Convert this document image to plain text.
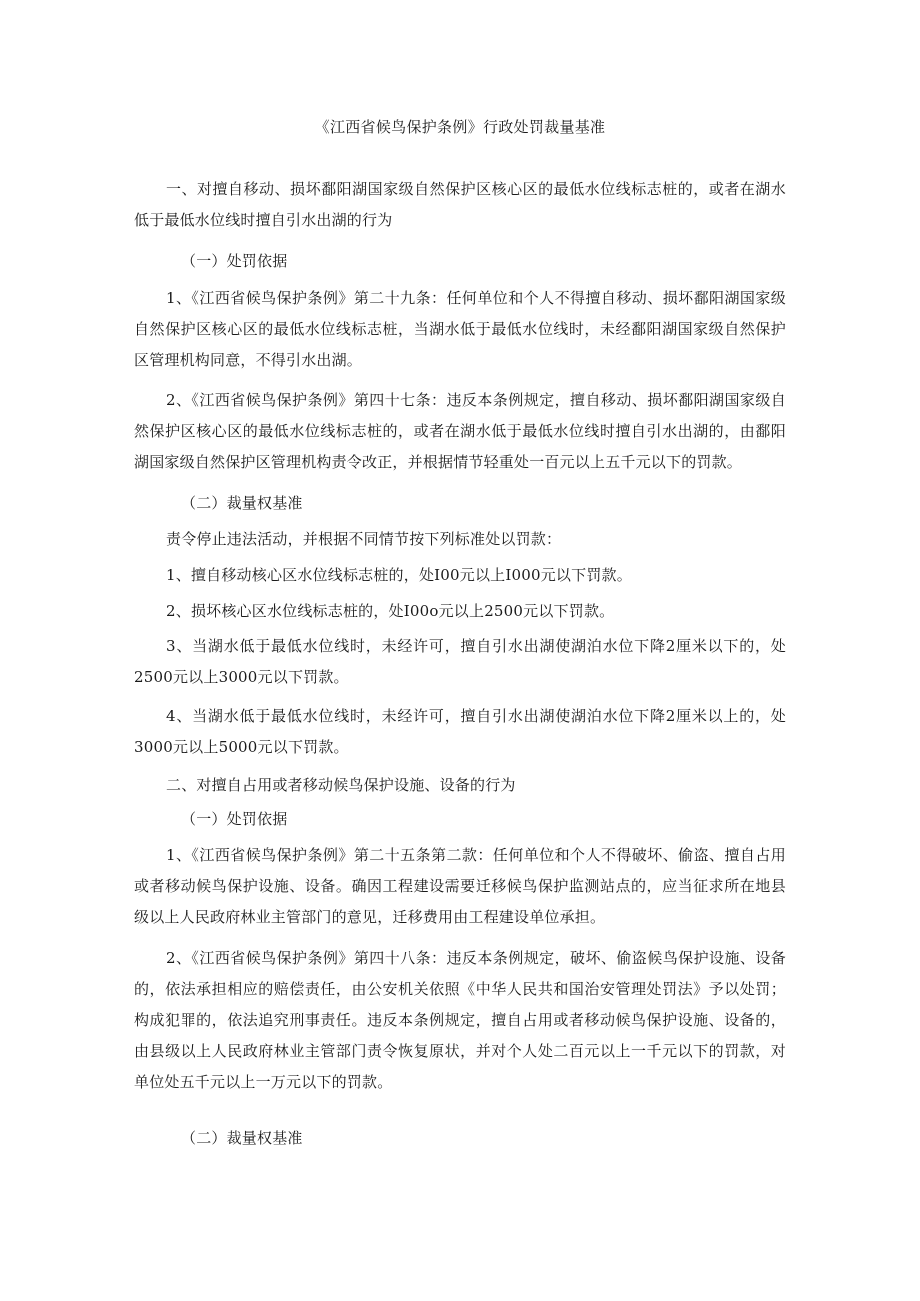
《江西省候鸟保护条例》行政处罚裁量基准
一、对擅自移动、损坏鄱阳湖国家级自然保护区核心区的最低水位线标志桩的，或者在湖水低于最低水位线时擅自引水出湖的行为
（一）处罚依据
1、《江西省候鸟保护条例》第二十九条：任何单位和个人不得擅自移动、损坏鄱阳湖国家级自然保护区核心区的最低水位线标志桩，当湖水低于最低水位线时，未经鄱阳湖国家级自然保护区管理机构同意，不得引水出湖。
2、《江西省候鸟保护条例》第四十七条：违反本条例规定，擅自移动、损坏鄱阳湖国家级自然保护区核心区的最低水位线标志桩的，或者在湖水低于最低水位线时擅自引水出湖的，由鄱阳湖国家级自然保护区管理机构责令改正，并根据情节轻重处一百元以上五千元以下的罚款。
（二）裁量权基准
责令停止违法活动，并根据不同情节按下列标准处以罚款：
1、擅自移动核心区水位线标志桩的，处I00元以上I000元以下罚款。
2、损坏核心区水位线标志桩的，处I00o元以上2500元以下罚款。
3、当湖水低于最低水位线时，未经许可，擅自引水出湖使湖泊水位下降2厘米以下的，处2500元以上3000元以下罚款。
4、当湖水低于最低水位线时，未经许可，擅自引水出湖使湖泊水位下降2厘米以上的，处3000元以上5000元以下罚款。
二、对擅自占用或者移动候鸟保护设施、设备的行为
（一）处罚依据
1、《江西省候鸟保护条例》第二十五条第二款：任何单位和个人不得破坏、偷盗、擅自占用或者移动候鸟保护设施、设备。确因工程建设需要迁移候鸟保护监测站点的，应当征求所在地县级以上人民政府林业主管部门的意见，迁移费用由工程建设单位承担。
2、《江西省候鸟保护条例》第四十八条：违反本条例规定，破坏、偷盗候鸟保护设施、设备的，依法承担相应的赔偿责任，由公安机关依照《中华人民共和国治安管理处罚法》予以处罚；构成犯罪的，依法追究刑事责任。违反本条例规定，擅自占用或者移动候鸟保护设施、设备的，由县级以上人民政府林业主管部门责令恢复原状，并对个人处二百元以上一千元以下的罚款，对单位处五千元以上一万元以下的罚款。
（二）裁量权基准
